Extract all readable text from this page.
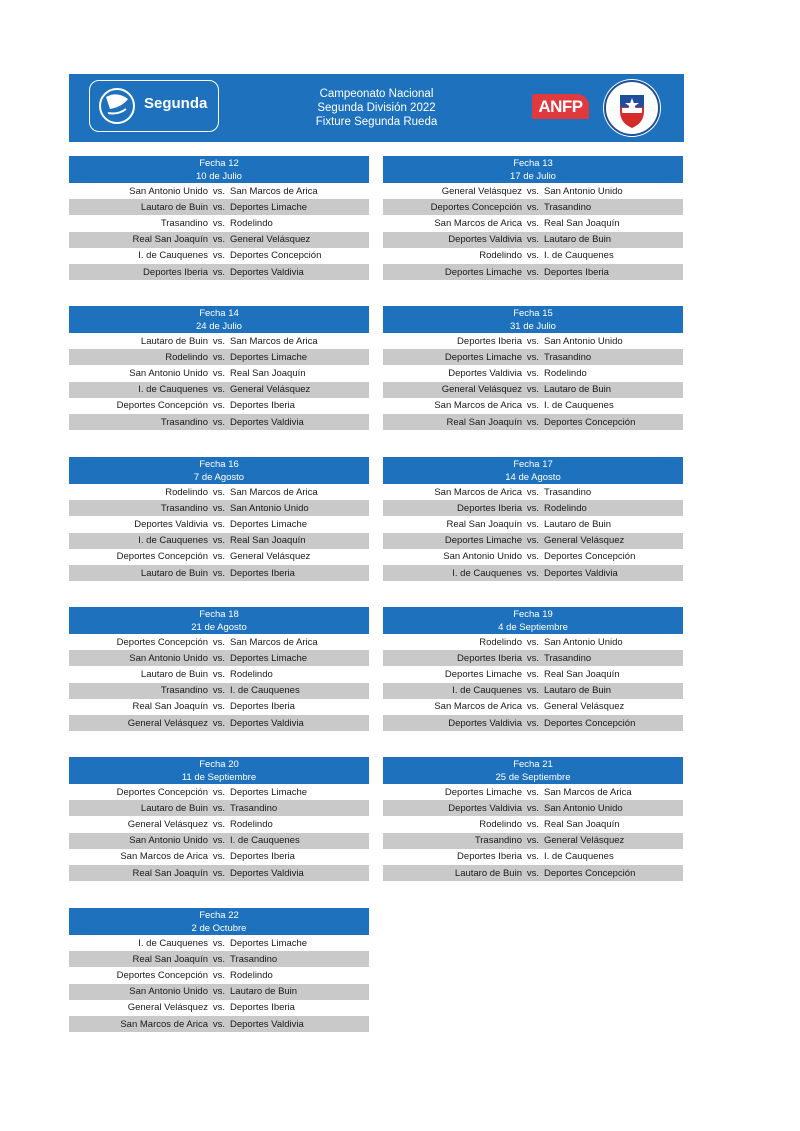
Segunda
Campeonato Nacional
Segunda División 2022
Fixture Segunda Rueda
ANFP
Fecha 12
10 de Julio
San Antonio Unido vs. San Marcos de Arica
Lautaro de Buin vs. Deportes Limache
Trasandino vs. Rodelindo
Real San Joaquín vs. General Velásquez
I. de Cauquenes vs. Deportes Concepción
Deportes Iberia vs. Deportes Valdivia
Fecha 13
17 de Julio
General Velásquez vs. San Antonio Unido
Deportes Concepción vs. Trasandino
San Marcos de Arica vs. Real San Joaquín
Deportes Valdivia vs. Lautaro de Buin
Rodelindo vs. I. de Cauquenes
Deportes Limache vs. Deportes Iberia
Fecha 14
24 de Julio
Lautaro de Buin vs. San Marcos de Arica
Rodelindo vs. Deportes Limache
San Antonio Unido vs. Real San Joaquín
I. de Cauquenes vs. General Velásquez
Deportes Concepción vs. Deportes Iberia
Trasandino vs. Deportes Valdivia
Fecha 15
31 de Julio
Deportes Iberia vs. San Antonio Unido
Deportes Limache vs. Trasandino
Deportes Valdivia vs. Rodelindo
General Velásquez vs. Lautaro de Buin
San Marcos de Arica vs. I. de Cauquenes
Real San Joaquín vs. Deportes Concepción
Fecha 16
7 de Agosto
Rodelindo vs. San Marcos de Arica
Trasandino vs. San Antonio Unido
Deportes Valdivia vs. Deportes Limache
I. de Cauquenes vs. Real San Joaquín
Deportes Concepción vs. General Velásquez
Lautaro de Buin vs. Deportes Iberia
Fecha 17
14 de Agosto
San Marcos de Arica vs. Trasandino
Deportes Iberia vs. Rodelindo
Real San Joaquín vs. Lautaro de Buin
Deportes Limache vs. General Velásquez
San Antonio Unido vs. Deportes Concepción
I. de Cauquenes vs. Deportes Valdivia
Fecha 18
21 de Agosto
Deportes Concepción vs. San Marcos de Arica
San Antonio Unido vs. Deportes Limache
Lautaro de Buin vs. Rodelindo
Trasandino vs. I. de Cauquenes
Real San Joaquín vs. Deportes Iberia
General Velásquez vs. Deportes Valdivia
Fecha 19
4 de Septiembre
Rodelindo vs. San Antonio Unido
Deportes Iberia vs. Trasandino
Deportes Limache vs. Real San Joaquín
I. de Cauquenes vs. Lautaro de Buin
San Marcos de Arica vs. General Velásquez
Deportes Valdivia vs. Deportes Concepción
Fecha 20
11 de Septiembre
Deportes Concepción vs. Deportes Limache
Lautaro de Buin vs. Trasandino
General Velásquez vs. Rodelindo
San Antonio Unido vs. I. de Cauquenes
San Marcos de Arica vs. Deportes Iberia
Real San Joaquín vs. Deportes Valdivia
Fecha 21
25 de Septiembre
Deportes Limache vs. San Marcos de Arica
Deportes Valdivia vs. San Antonio Unido
Rodelindo vs. Real San Joaquín
Trasandino vs. General Velásquez
Deportes Iberia vs. I. de Cauquenes
Lautaro de Buin vs. Deportes Concepción
Fecha 22
2 de Octubre
I. de Cauquenes vs. Deportes Limache
Real San Joaquín vs. Trasandino
Deportes Concepción vs. Rodelindo
San Antonio Unido vs. Lautaro de Buin
General Velásquez vs. Deportes Iberia
San Marcos de Arica vs. Deportes Valdivia
